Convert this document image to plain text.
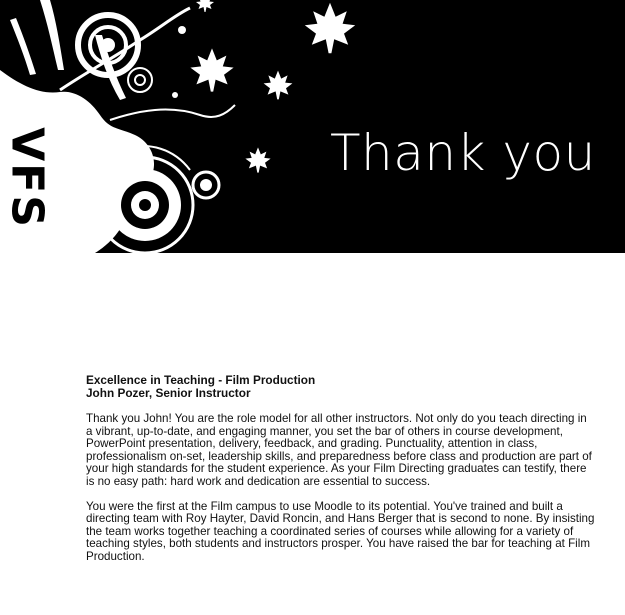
VFS	Thank you
Excellence in Teaching - Film Production
John Pozer, Senior Instructor

Thank you John! You are the role model for all other instructors. Not only do you teach directing in a vibrant, up-to-date, and engaging manner, you set the bar of others in course development, PowerPoint presentation, delivery, feedback, and grading. Punctuality, attention in class, professionalism on-set, leadership skills, and preparedness before class and production are part of your high standards for the student experience. As your Film Directing graduates can testify, there is no easy path: hard work and dedication are essential to success.

You were the first at the Film campus to use Moodle to its potential. You've trained and built a directing team with Roy Hayter, David Roncin, and Hans Berger that is second to none. By insisting the team works together teaching a coordinated series of courses while allowing for a variety of teaching styles, both students and instructors prosper. You have raised the bar for teaching at Film Production.
